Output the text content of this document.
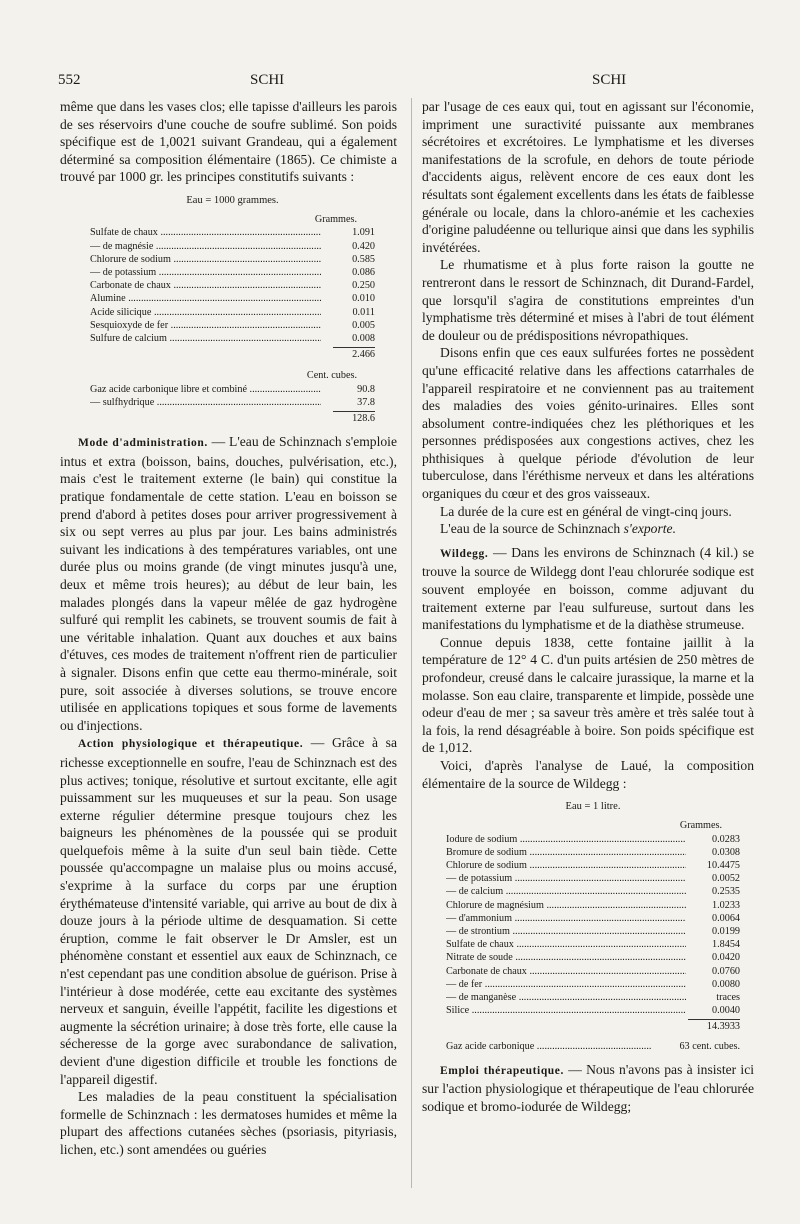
552	SCHI	SCHI

même que dans les vases clos; elle tapisse d'ailleurs les parois de ses réservoirs d'une couche de soufre sublimé. Son poids spécifique est de 1,0021 suivant Grandeau, qui a également déterminé sa composition élémentaire (1865). Ce chimiste a trouvé par 1000 gr. les principes constitutifs suivants :

Eau = 1000 grammes.
Grammes.
Sulfate de chaux .....	1.091
— de magnésie .....	0.420
Chlorure de sodium .....	0.585
— de potassium .....	0.086
Carbonate de chaux .....	0.250
Alumine .....	0.010
Acide silicique .....	0.011
Sesquioxyde de fer .....	0.005
Sulfure de calcium .....	0.008
2.466
Cent. cubes.
Gaz acide carbonique libre et combiné .....	90.8
— sulfhydrique .....	37.8
128.6

Mode d'administration. — L'eau de Schinznach s'emploie intus et extra (boisson, bains, douches, pulvérisation, etc.), mais c'est le traitement externe (le bain) qui constitue la pratique fondamentale de cette station. L'eau en boisson se prend d'abord à petites doses pour arriver progressivement à six ou sept verres au plus par jour. Les bains administrés suivant les indications à des températures variables, ont une durée plus ou moins grande (de vingt minutes jusqu'à une, deux et même trois heures); au début de leur bain, les malades plongés dans la vapeur mêlée de gaz hydrogène sulfuré qui remplit les cabinets, se trouvent soumis de fait à une véritable inhalation. Quant aux douches et aux bains d'étuves, ces modes de traitement n'offrent rien de particulier à signaler. Disons enfin que cette eau thermo-minérale, soit pure, soit associée à diverses solutions, se trouve encore utilisée en applications topiques et sous forme de lavements ou d'injections.

Action physiologique et thérapeutique. — Grâce à sa richesse exceptionnelle en soufre, l'eau de Schinznach est des plus actives; tonique, résolutive et surtout excitante, elle agit puissamment sur les muqueuses et sur la peau. Son usage externe régulier détermine presque toujours chez les baigneurs les phénomènes de la poussée qui se produit quelquefois même à la suite d'un seul bain tiède. Cette poussée qu'accompagne un malaise plus ou moins accusé, s'exprime à la surface du corps par une éruption érythémateuse d'intensité variable, qui arrive au bout de dix à douze jours à la période ultime de desquamation. Si cette éruption, comme le fait observer le Dr Amsler, est un phénomène constant et essentiel aux eaux de Schinznach, ce n'est cependant pas une condition absolue de guérison. Prise à l'intérieur à dose modérée, cette eau excitante des systèmes nerveux et sanguin, éveille l'appétit, facilite les digestions et augmente la sécrétion urinaire; à dose très forte, elle cause la sécheresse de la gorge avec surabondance de salivation, devient d'une digestion difficile et trouble les fonctions de l'appareil digestif.

Les maladies de la peau constituent la spécialisation formelle de Schinznach : les dermatoses humides et même la plupart des affections cutanées sèches (psoriasis, pityriasis, lichen, etc.) sont amendées ou guéries

par l'usage de ces eaux qui, tout en agissant sur l'économie, impriment une suractivité puissante aux membranes sécrétoires et excrétoires. Le lymphatisme et les diverses manifestations de la scrofule, en dehors de toute période d'accidents aigus, relèvent encore de ces eaux dont les résultats sont également excellents dans les états de faiblesse générale ou locale, dans la chloro-anémie et les cachexies d'origine paludéenne ou tellurique ainsi que dans les syphilis invétérées.

Le rhumatisme et à plus forte raison la goutte ne rentreront dans le ressort de Schinznach, dit Durand-Fardel, que lorsqu'il s'agira de constitutions empreintes d'un lymphatisme très déterminé et mises à l'abri de tout élément de douleur ou de prédispositions névropathiques.

Disons enfin que ces eaux sulfurées fortes ne possèdent qu'une efficacité relative dans les affections catarrhales de l'appareil respiratoire et ne conviennent pas au traitement des maladies des voies génito-urinaires. Elles sont absolument contre-indiquées chez les pléthoriques et les personnes prédisposées aux congestions actives, chez les phthisiques à quelque période d'évolution de leur tuberculose, dans l'éréthisme nerveux et dans les altérations organiques du cœur et des gros vaisseaux.

La durée de la cure est en général de vingt-cinq jours.

L'eau de la source de Schinznach s'exporte.

Wildegg. — Dans les environs de Schinznach (4 kil.) se trouve la source de Wildegg dont l'eau chlorurée sodique est souvent employée en boisson, comme adjuvant du traitement externe par l'eau sulfureuse, surtout dans les manifestations du lymphatisme et de la diathèse strumeuse.

Connue depuis 1838, cette fontaine jaillit à la température de 12° 4 C. d'un puits artésien de 250 mètres de profondeur, creusé dans le calcaire jurassique, la marne et la molasse. Son eau claire, transparente et limpide, possède une odeur d'eau de mer ; sa saveur très amère et très salée tout à la fois, la rend désagréable à boire. Son poids spécifique est de 1,012.

Voici, d'après l'analyse de Laué, la composition élémentaire de la source de Wildegg :

Eau = 1 litre.
Grammes.
Iodure de sodium .....	0.0283
Bromure de sodium .....	0.0308
Chlorure de sodium .....	10.4475
— de potassium .....	0.0052
— de calcium .....	0.2535
Chlorure de magnésium .....	1.0233
— d'ammonium .....	0.0064
— de strontium .....	0.0199
Sulfate de chaux .....	1.8454
Nitrate de soude .....	0.0420
Carbonate de chaux .....	0.0760
— de fer .....	0.0080
— de manganèse .....	traces
Silice .....	0.0040
14.3933
Gaz acide carbonique .....	63 cent. cubes.

Emploi thérapeutique. — Nous n'avons pas à insister ici sur l'action physiologique et thérapeutique de l'eau chlorurée sodique et bromo-iodurée de Wildegg;
